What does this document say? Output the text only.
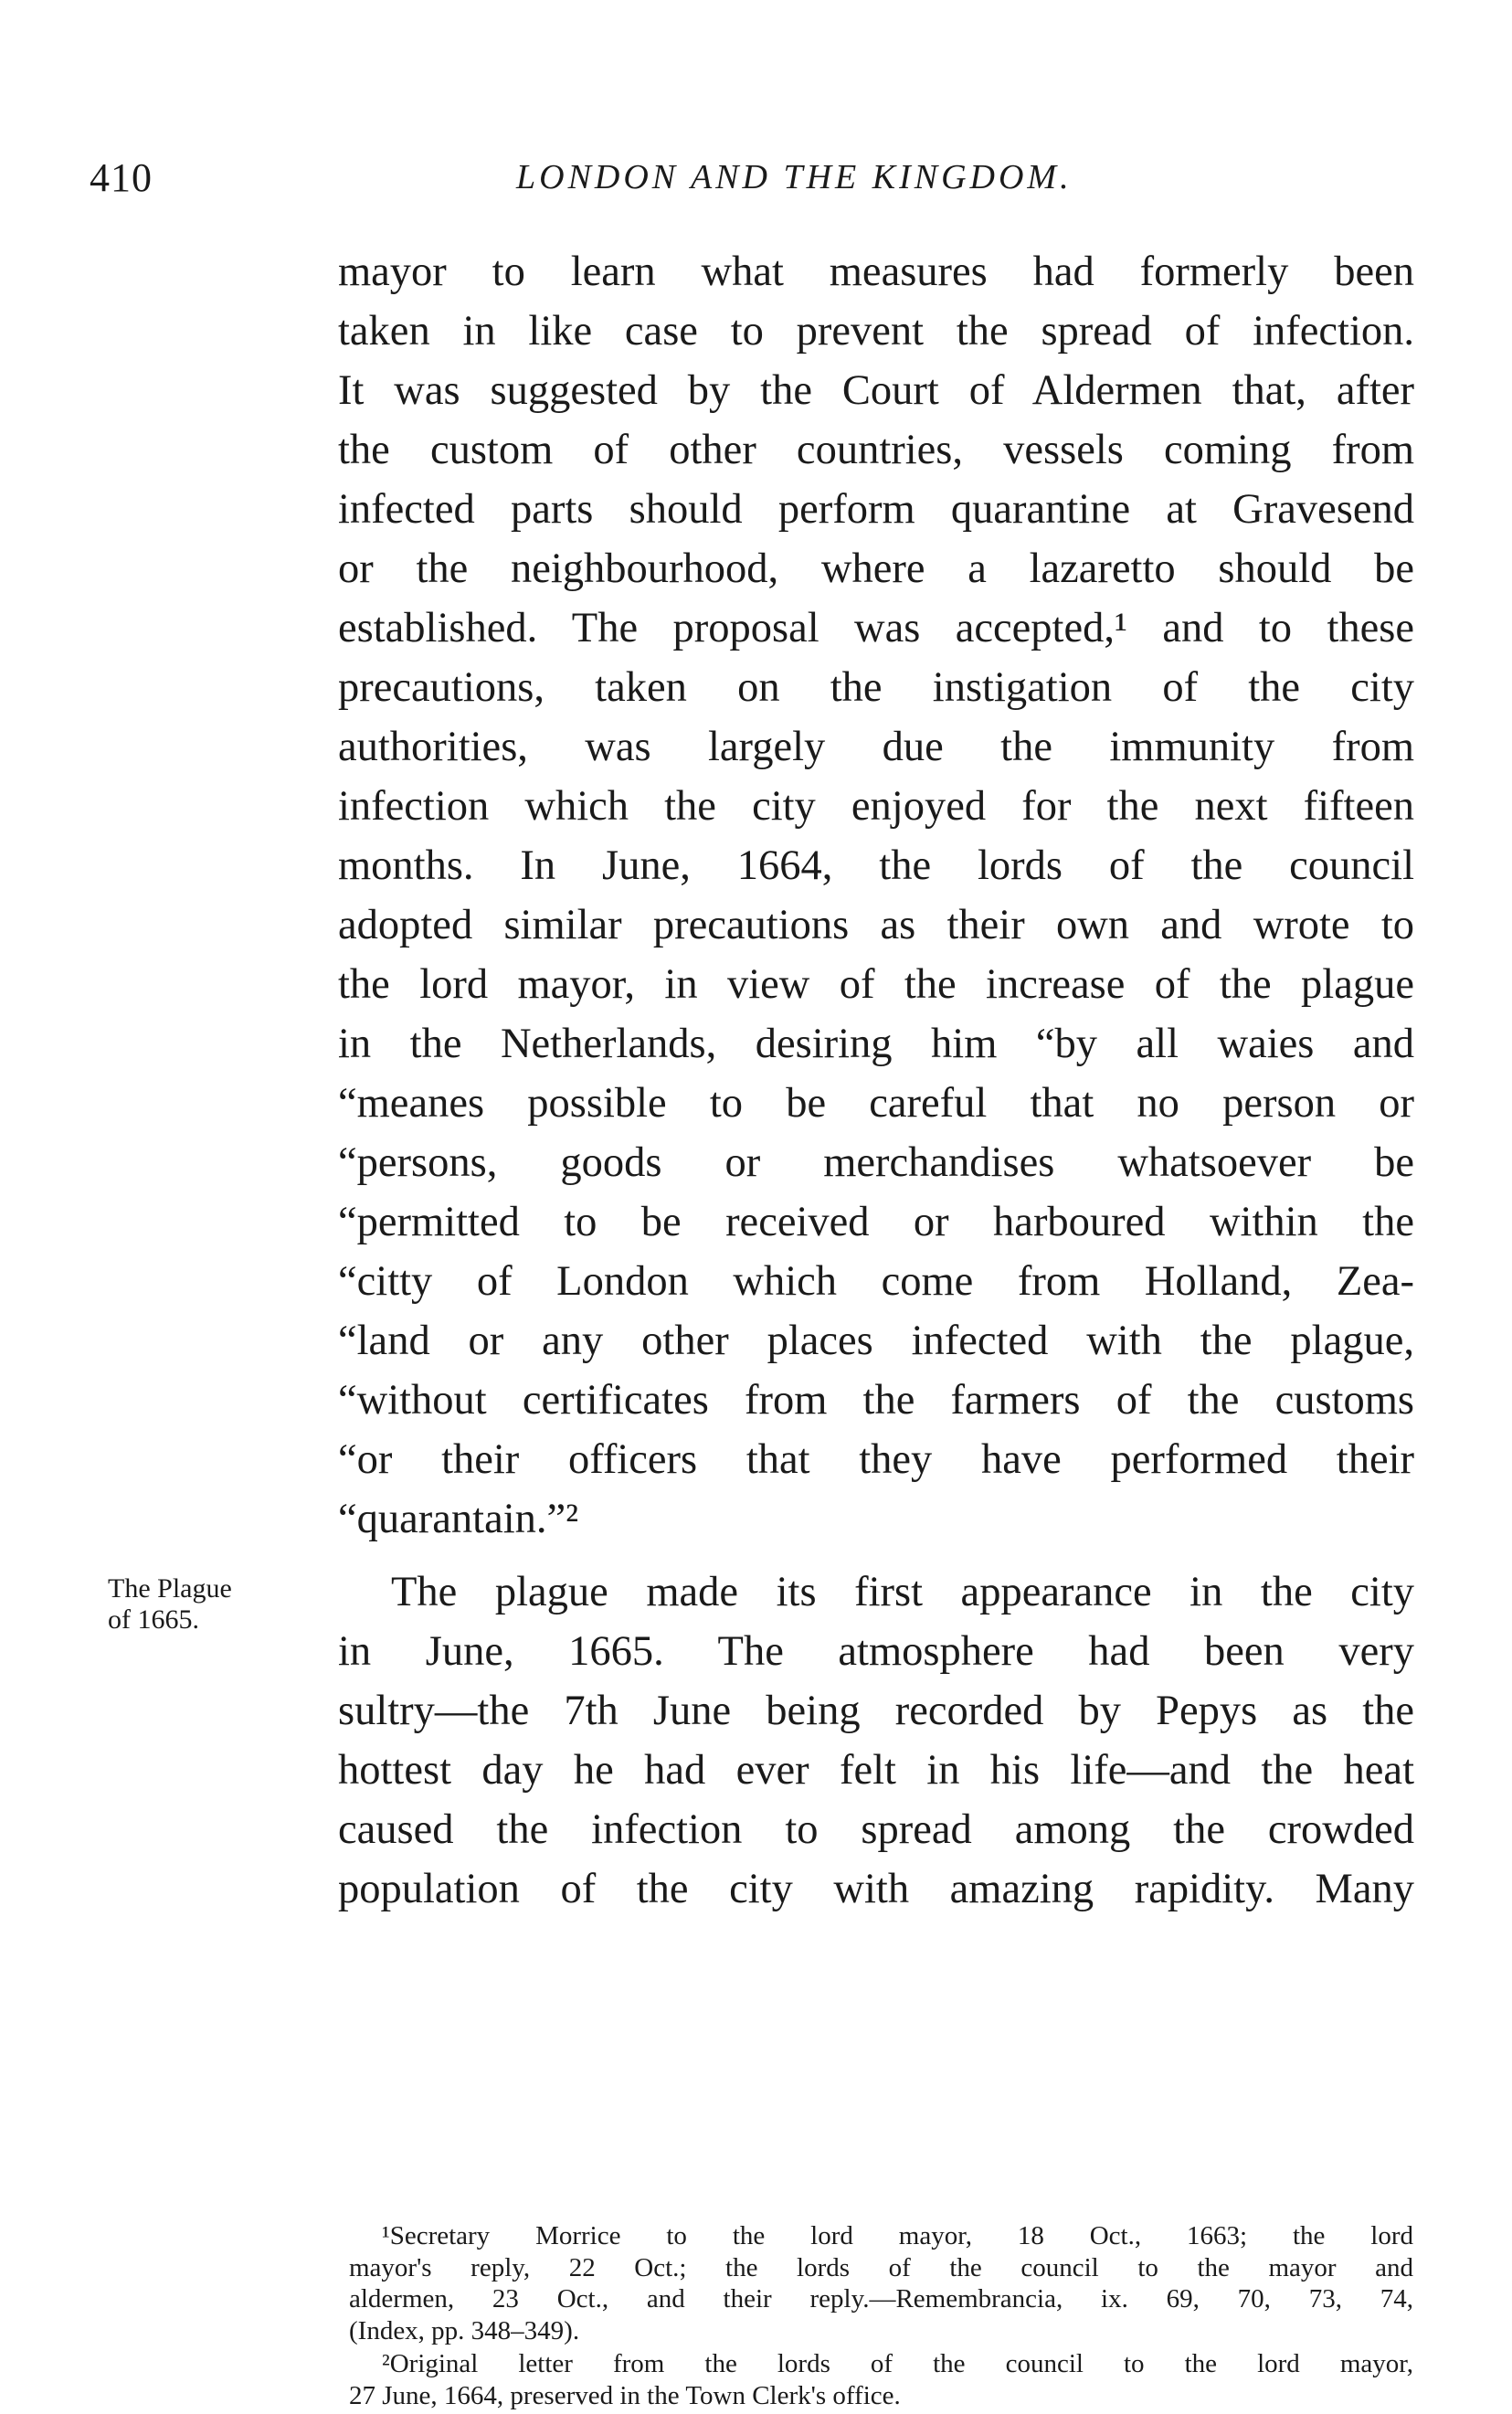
410	LONDON AND THE KINGDOM.
mayor to learn what measures had formerly been
taken in like case to prevent the spread of infection.
It was suggested by the Court of Aldermen that, after
the custom of other countries, vessels coming from
infected parts should perform quarantine at Gravesend
or the neighbourhood, where a lazaretto should be
established. The proposal was accepted,¹ and to these
precautions, taken on the instigation of the city
authorities, was largely due the immunity from
infection which the city enjoyed for the next fifteen
months. In June, 1664, the lords of the council
adopted similar precautions as their own and wrote to
the lord mayor, in view of the increase of the plague
in the Netherlands, desiring him “by all waies and
“meanes possible to be careful that no person or
“persons, goods or merchandises whatsoever be
“permitted to be received or harboured within the
“citty of London which come from Holland, Zea-
“land or any other places infected with the plague,
“without certificates from the farmers of the customs
“or their officers that they have performed their
“quarantain.”²
The Plague
of 1665.
The plague made its first appearance in the city
in June, 1665. The atmosphere had been very
sultry—the 7th June being recorded by Pepys as the
hottest day he had ever felt in his life—and the heat
caused the infection to spread among the crowded
population of the city with amazing rapidity. Many
¹Secretary Morrice to the lord mayor, 18 Oct., 1663; the lord
mayor's reply, 22 Oct.; the lords of the council to the mayor and
aldermen, 23 Oct., and their reply.—Remembrancia, ix. 69, 70, 73, 74,
(Index, pp. 348–349).
²Original letter from the lords of the council to the lord mayor,
27 June, 1664, preserved in the Town Clerk's office.
